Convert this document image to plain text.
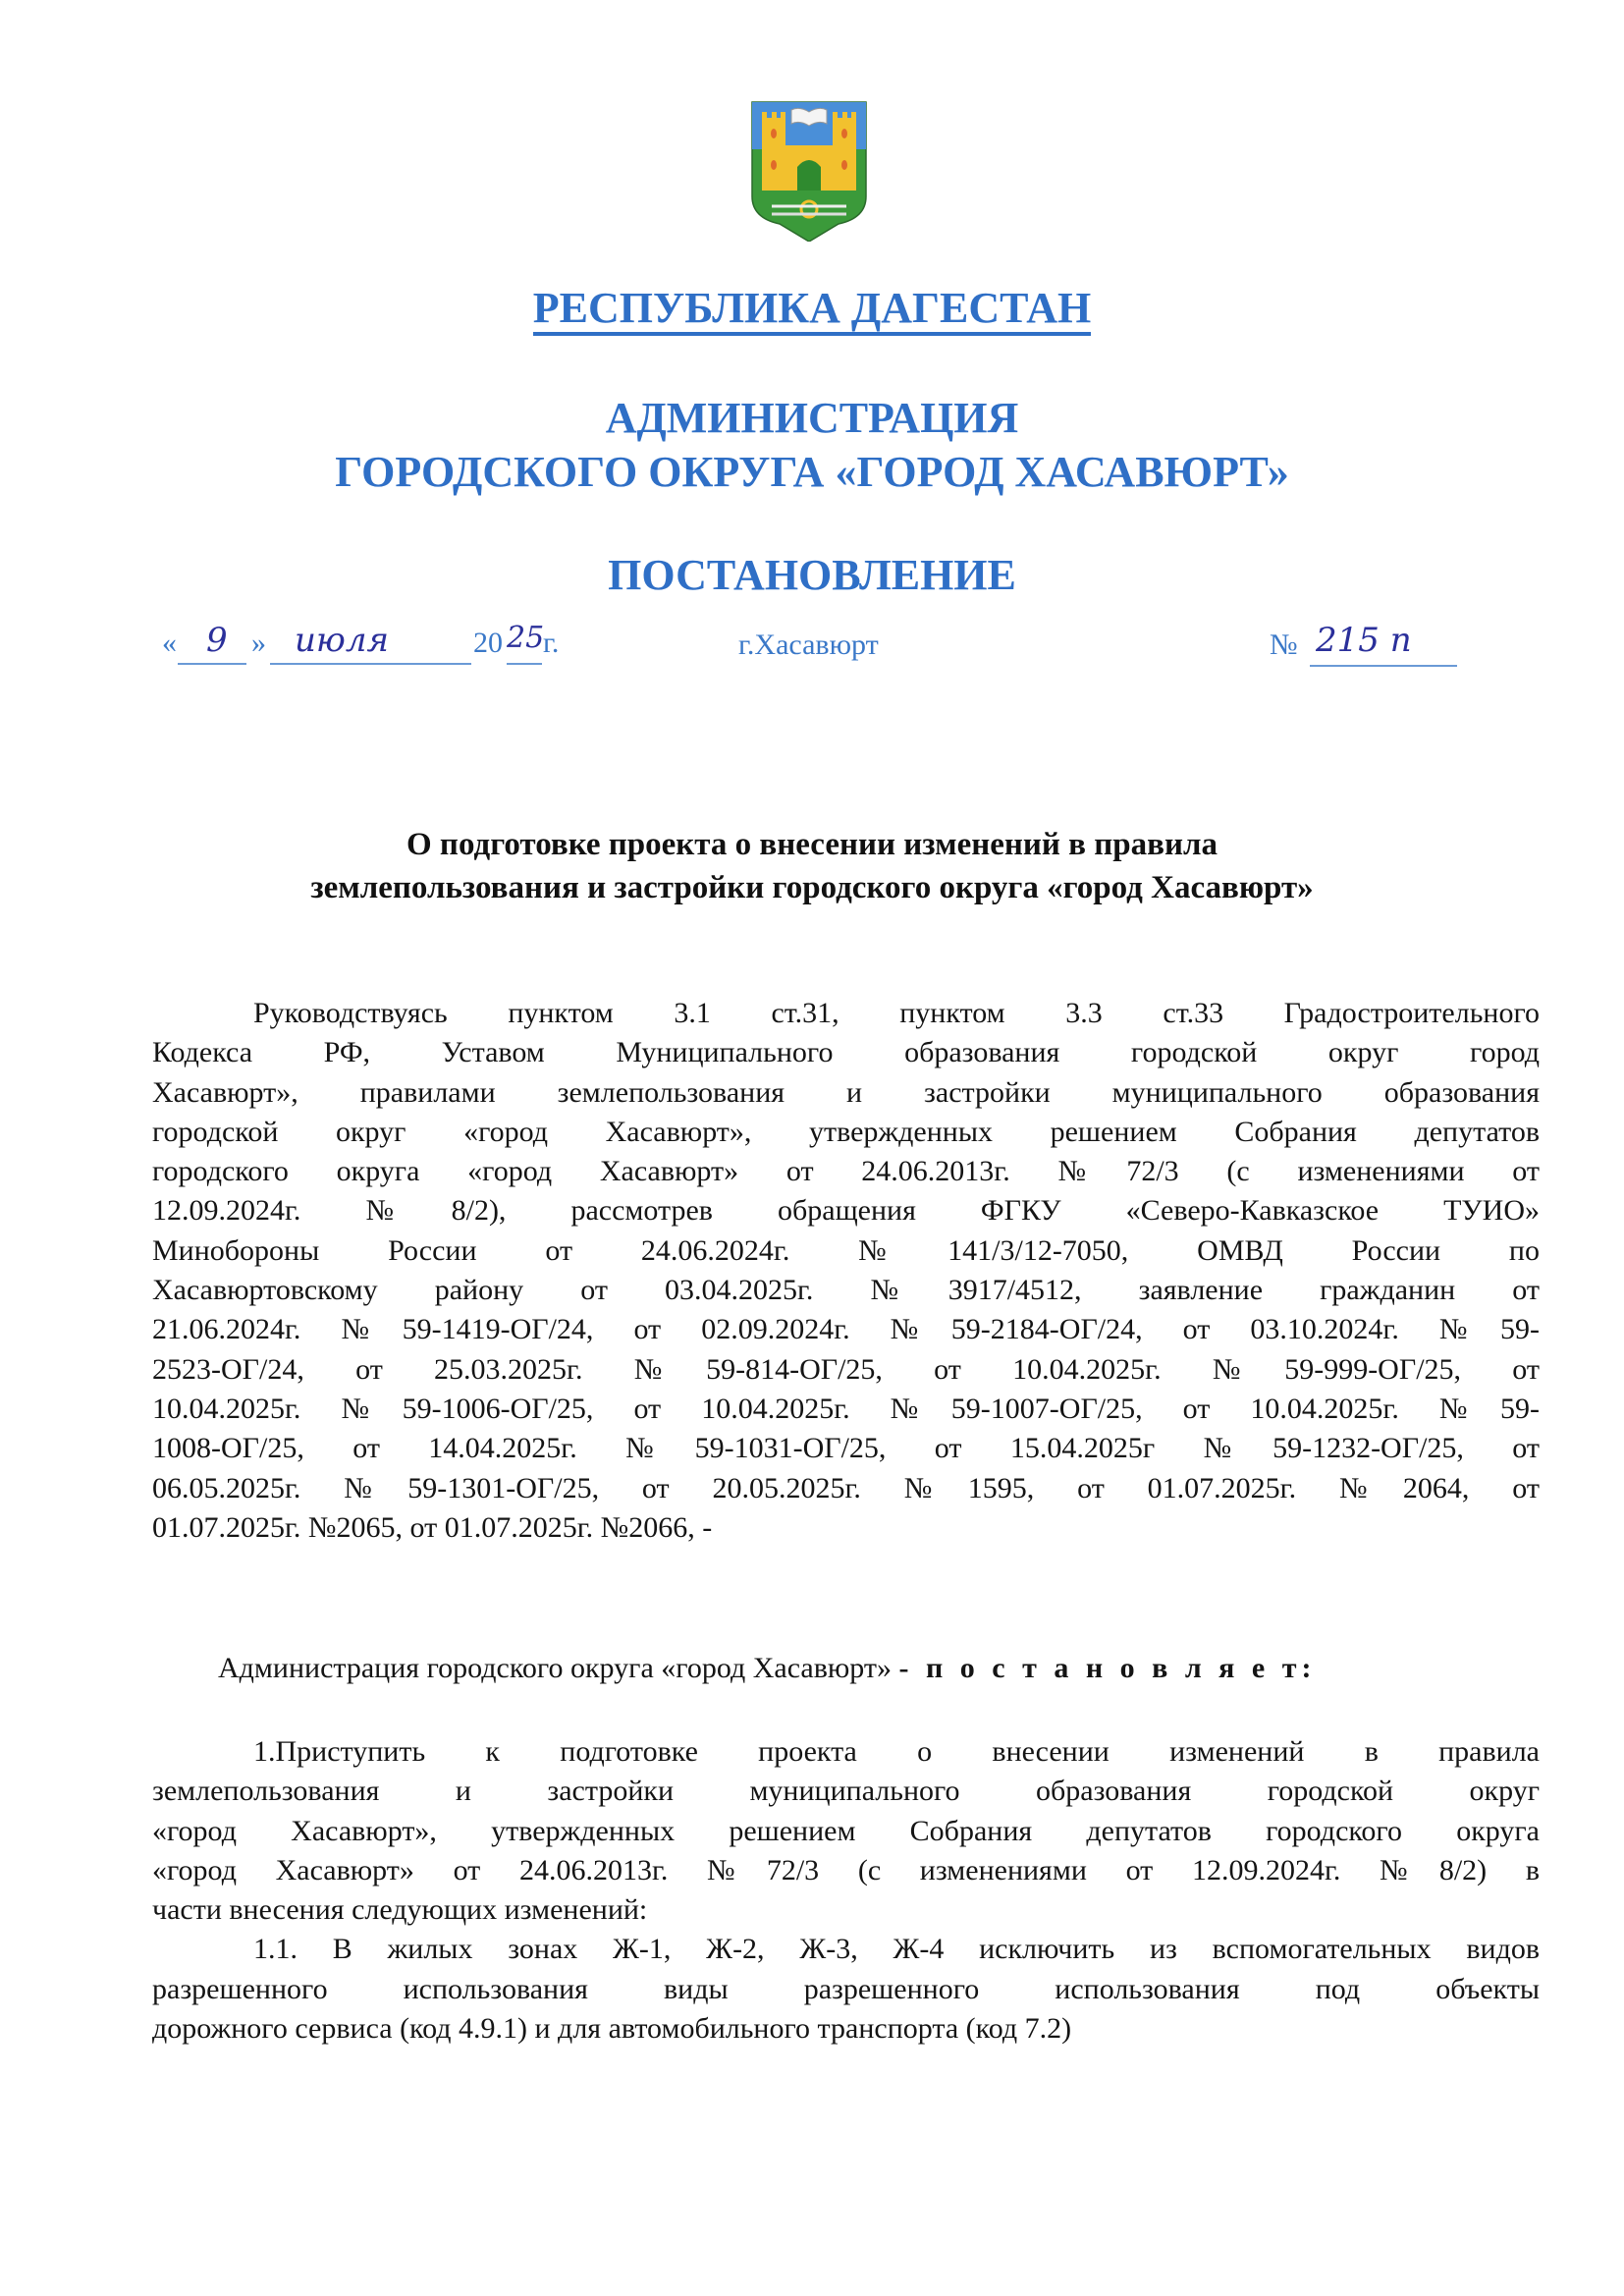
РЕСПУБЛИКА ДАГЕСТАН
АДМИНИСТРАЦИЯ
ГОРОДСКОГО ОКРУГА «ГОРОД ХАСАВЮРТ»
ПОСТАНОВЛЕНИЕ
« 9 » июля	20 25
г.	г.Хасавюрт	№ 215 п
О подготовке проекта о внесении изменений в правила
землепользования и застройки городского округа «город Хасавюрт»
Руководствуясь пунктом 3.1 ст.31, пунктом 3.3 ст.33 Градостроительного
Кодекса РФ, Уставом Муниципального образования городской округ город
Хасавюрт», правилами землепользования и застройки муниципального образования
городской округ «город Хасавюрт», утвержденных решением Собрания депутатов
городского округа «город Хасавюрт» от 24.06.2013г. №72/3 (с изменениями от
12.09.2024г. №8/2), рассмотрев обращения ФГКУ «Северо-Кавказское ТУИО»
Минобороны России от 24.06.2024г. №141/3/12-7050, ОМВД России по
Хасавюртовскому району от 03.04.2025г. №3917/4512, заявление гражданин от
21.06.2024г. №59-1419-ОГ/24, от 02.09.2024г. №59-2184-ОГ/24, от 03.10.2024г. №59-
2523-ОГ/24, от 25.03.2025г. №59-814-ОГ/25, от 10.04.2025г. №59-999-ОГ/25, от
10.04.2025г. №59-1006-ОГ/25, от 10.04.2025г. №59-1007-ОГ/25, от 10.04.2025г. №59-
1008-ОГ/25, от 14.04.2025г. №59-1031-ОГ/25, от 15.04.2025г №59-1232-ОГ/25, от
06.05.2025г. №59-1301-ОГ/25, от 20.05.2025г. №1595, от 01.07.2025г. №2064, от
01.07.2025г. №2065, от 01.07.2025г. №2066, -
Администрация городского округа «город Хасавюрт» - п о с т а н о в л я е т:
1.Приступить к подготовке проекта о внесении изменений в правила
землепользования и застройки муниципального образования городской округ
«город Хасавюрт», утвержденных решением Собрания депутатов городского округа
«город Хасавюрт» от 24.06.2013г. №72/3 (с изменениями от 12.09.2024г. №8/2) в
части внесения следующих изменений:
1.1. В жилых зонах Ж-1, Ж-2, Ж-3, Ж-4 исключить из вспомогательных видов
разрешенного использования виды разрешенного использования под объекты
дорожного сервиса (код 4.9.1) и для автомобильного транспорта (код 7.2)
